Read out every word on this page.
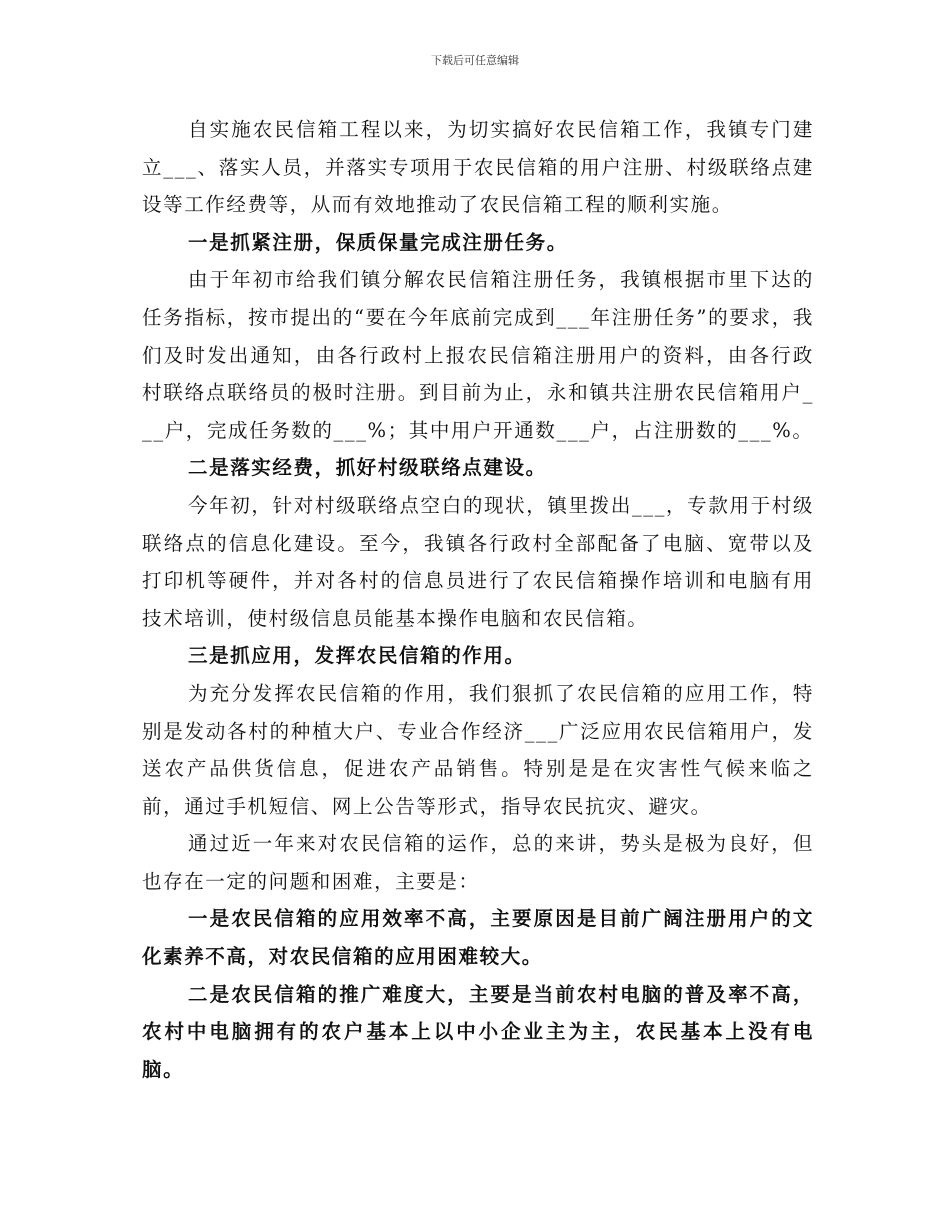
下载后可任意编辑

自实施农民信箱工程以来，为切实搞好农民信箱工作，我镇专门建立___、落实人员，并落实专项用于农民信箱的用户注册、村级联络点建设等工作经费等，从而有效地推动了农民信箱工程的顺利实施。

一是抓紧注册，保质保量完成注册任务。

由于年初市给我们镇分解农民信箱注册任务，我镇根据市里下达的任务指标，按市提出的“要在今年底前完成到___年注册任务”的要求，我们及时发出通知，由各行政村上报农民信箱注册用户的资料，由各行政村联络点联络员的极时注册。到目前为止，永和镇共注册农民信箱用户___户，完成任务数的___%；其中用户开通数___户，占注册数的___%。

二是落实经费，抓好村级联络点建设。

今年初，针对村级联络点空白的现状，镇里拨出___，专款用于村级联络点的信息化建设。至今，我镇各行政村全部配备了电脑、宽带以及打印机等硬件，并对各村的信息员进行了农民信箱操作培训和电脑有用技术培训，使村级信息员能基本操作电脑和农民信箱。

三是抓应用，发挥农民信箱的作用。

为充分发挥农民信箱的作用，我们狠抓了农民信箱的应用工作，特别是发动各村的种植大户、专业合作经济___广泛应用农民信箱用户，发送农产品供货信息，促进农产品销售。特别是是在灾害性气候来临之前，通过手机短信、网上公告等形式，指导农民抗灾、避灾。

通过近一年来对农民信箱的运作，总的来讲，势头是极为良好，但也存在一定的问题和困难，主要是：

一是农民信箱的应用效率不高，主要原因是目前广阔注册用户的文化素养不高，对农民信箱的应用困难较大。

二是农民信箱的推广难度大，主要是当前农村电脑的普及率不高，农村中电脑拥有的农户基本上以中小企业主为主，农民基本上没有电脑。
